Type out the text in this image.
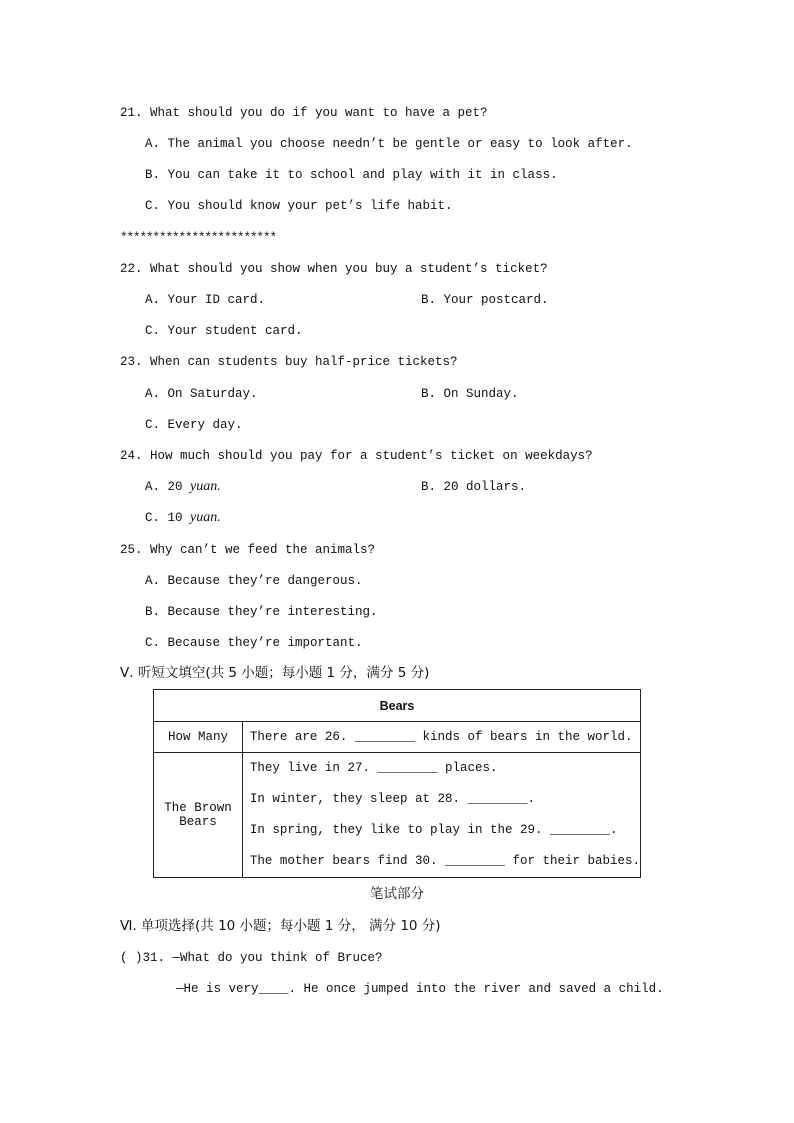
21. What should you do if you want to have a pet?
A. The animal you choose needn’t be gentle or easy to look after.
B. You can take it to school and play with it in class.
C. You should know your pet’s life habit.
************************
22. What should you show when you buy a student’s ticket?
A. Your ID card.	B. Your postcard.
C. Your student card.
23. When can students buy half-price tickets?
A. On Saturday.	B. On Sunday.
C. Every day.
24. How much should you pay for a student’s ticket on weekdays?
A. 20 yuan.	B. 20 dollars.
C. 10 yuan.
25. Why can’t we feed the animals?
A. Because they’re dangerous.
B. Because they’re interesting.
C. Because they’re important.
Ⅴ. 听短文填空(共 5 小题；每小题 1 分，满分 5 分)
Bears	
How Many	There are 26. ________ kinds of bears in the world.
The Brown Bears	They live in 27. ________ places.
In winter, they sleep at 28. ________.
In spring, they like to play in the 29. ________.
The mother bears find 30. ________ for their babies.
笔试部分
Ⅵ. 单项选择(共 10 小题；每小题 1 分， 满分 10 分)
( )31. —What do you think of Bruce?
—He is very____. He once jumped into the river and saved a child.
